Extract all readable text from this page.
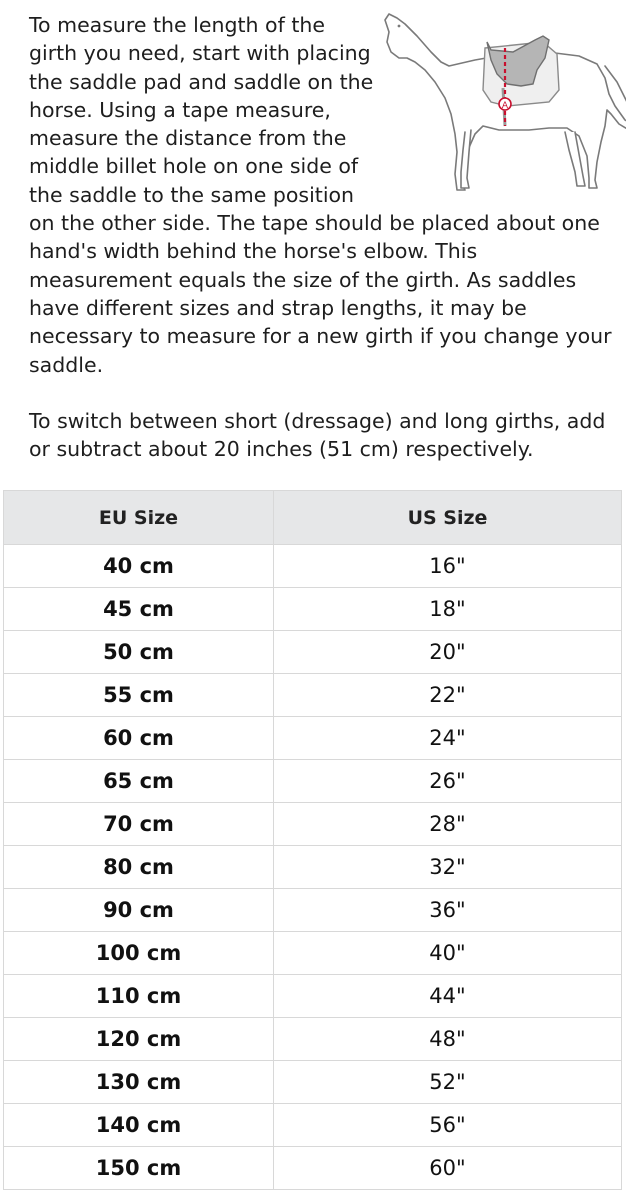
A

To measure the length of the girth you need, start with placing the saddle pad and saddle on the horse. Using a tape measure, measure the distance from the middle billet hole on one side of the saddle to the same position on the other side. The tape should be placed about one hand's width behind the horse's elbow. This measurement equals the size of the girth. As saddles have different sizes and strap lengths, it may be necessary to measure for a new girth if you change your saddle.

To switch between short (dressage) and long girths, add or subtract about 20 inches (51 cm) respectively.

EU Size	US Size
40 cm	16"
45 cm	18"
50 cm	20"
55 cm	22"
60 cm	24"
65 cm	26"
70 cm	28"
80 cm	32"
90 cm	36"
100 cm	40"
110 cm	44"
120 cm	48"
130 cm	52"
140 cm	56"
150 cm	60"
